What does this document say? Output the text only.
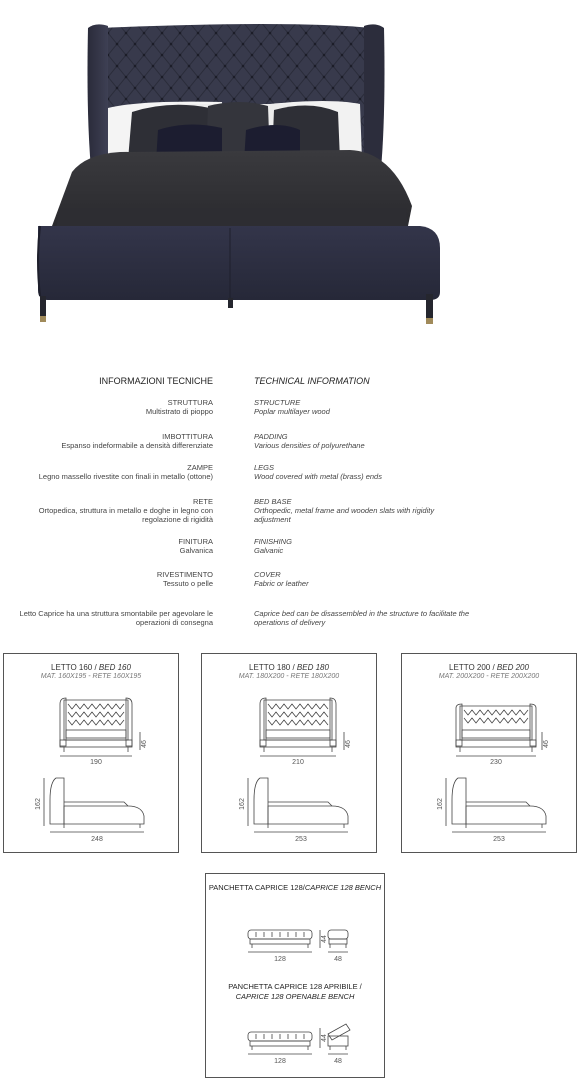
INFORMAZIONI TECNICHE	TECHNICAL INFORMATION
STRUTTURA
Multistrato di pioppo
STRUCTURE
Poplar multilayer wood
IMBOTTITURA
Espanso indeformabile a densità differenziate
PADDING
Various densities of polyurethane
ZAMPE
Legno massello rivestite con finali in metallo (ottone)
LEGS
Wood covered with metal (brass) ends
RETE
Ortopedica, struttura in metallo e doghe in legno con regolazione di rigidità
BED BASE
Orthopedic, metal frame and wooden slats with rigidity adjustment
FINITURA
Galvanica
FINISHING
Galvanic
RIVESTIMENTO
Tessuto o pelle
COVER
Fabric or leather
Letto Caprice ha una struttura smontabile per agevolare le operazioni di consegna
Caprice bed can be disassembled in the structure to facilitate the operations of delivery
LETTO 160 / BED 160
MAT. 160X195 - RETE 160X195
190
46
162
248
LETTO 180 / BED 180
MAT. 180X200 - RETE 180X200
210
46
162
253
LETTO 200 / BED 200
MAT. 200X200 - RETE 200X200
230
46
162
253
PANCHETTA CAPRICE 128/CAPRICE 128 BENCH
PANCHETTA CAPRICE 128 APRIBILE /
CAPRICE 128 OPENABLE BENCH
128
44
48
128
44
48
